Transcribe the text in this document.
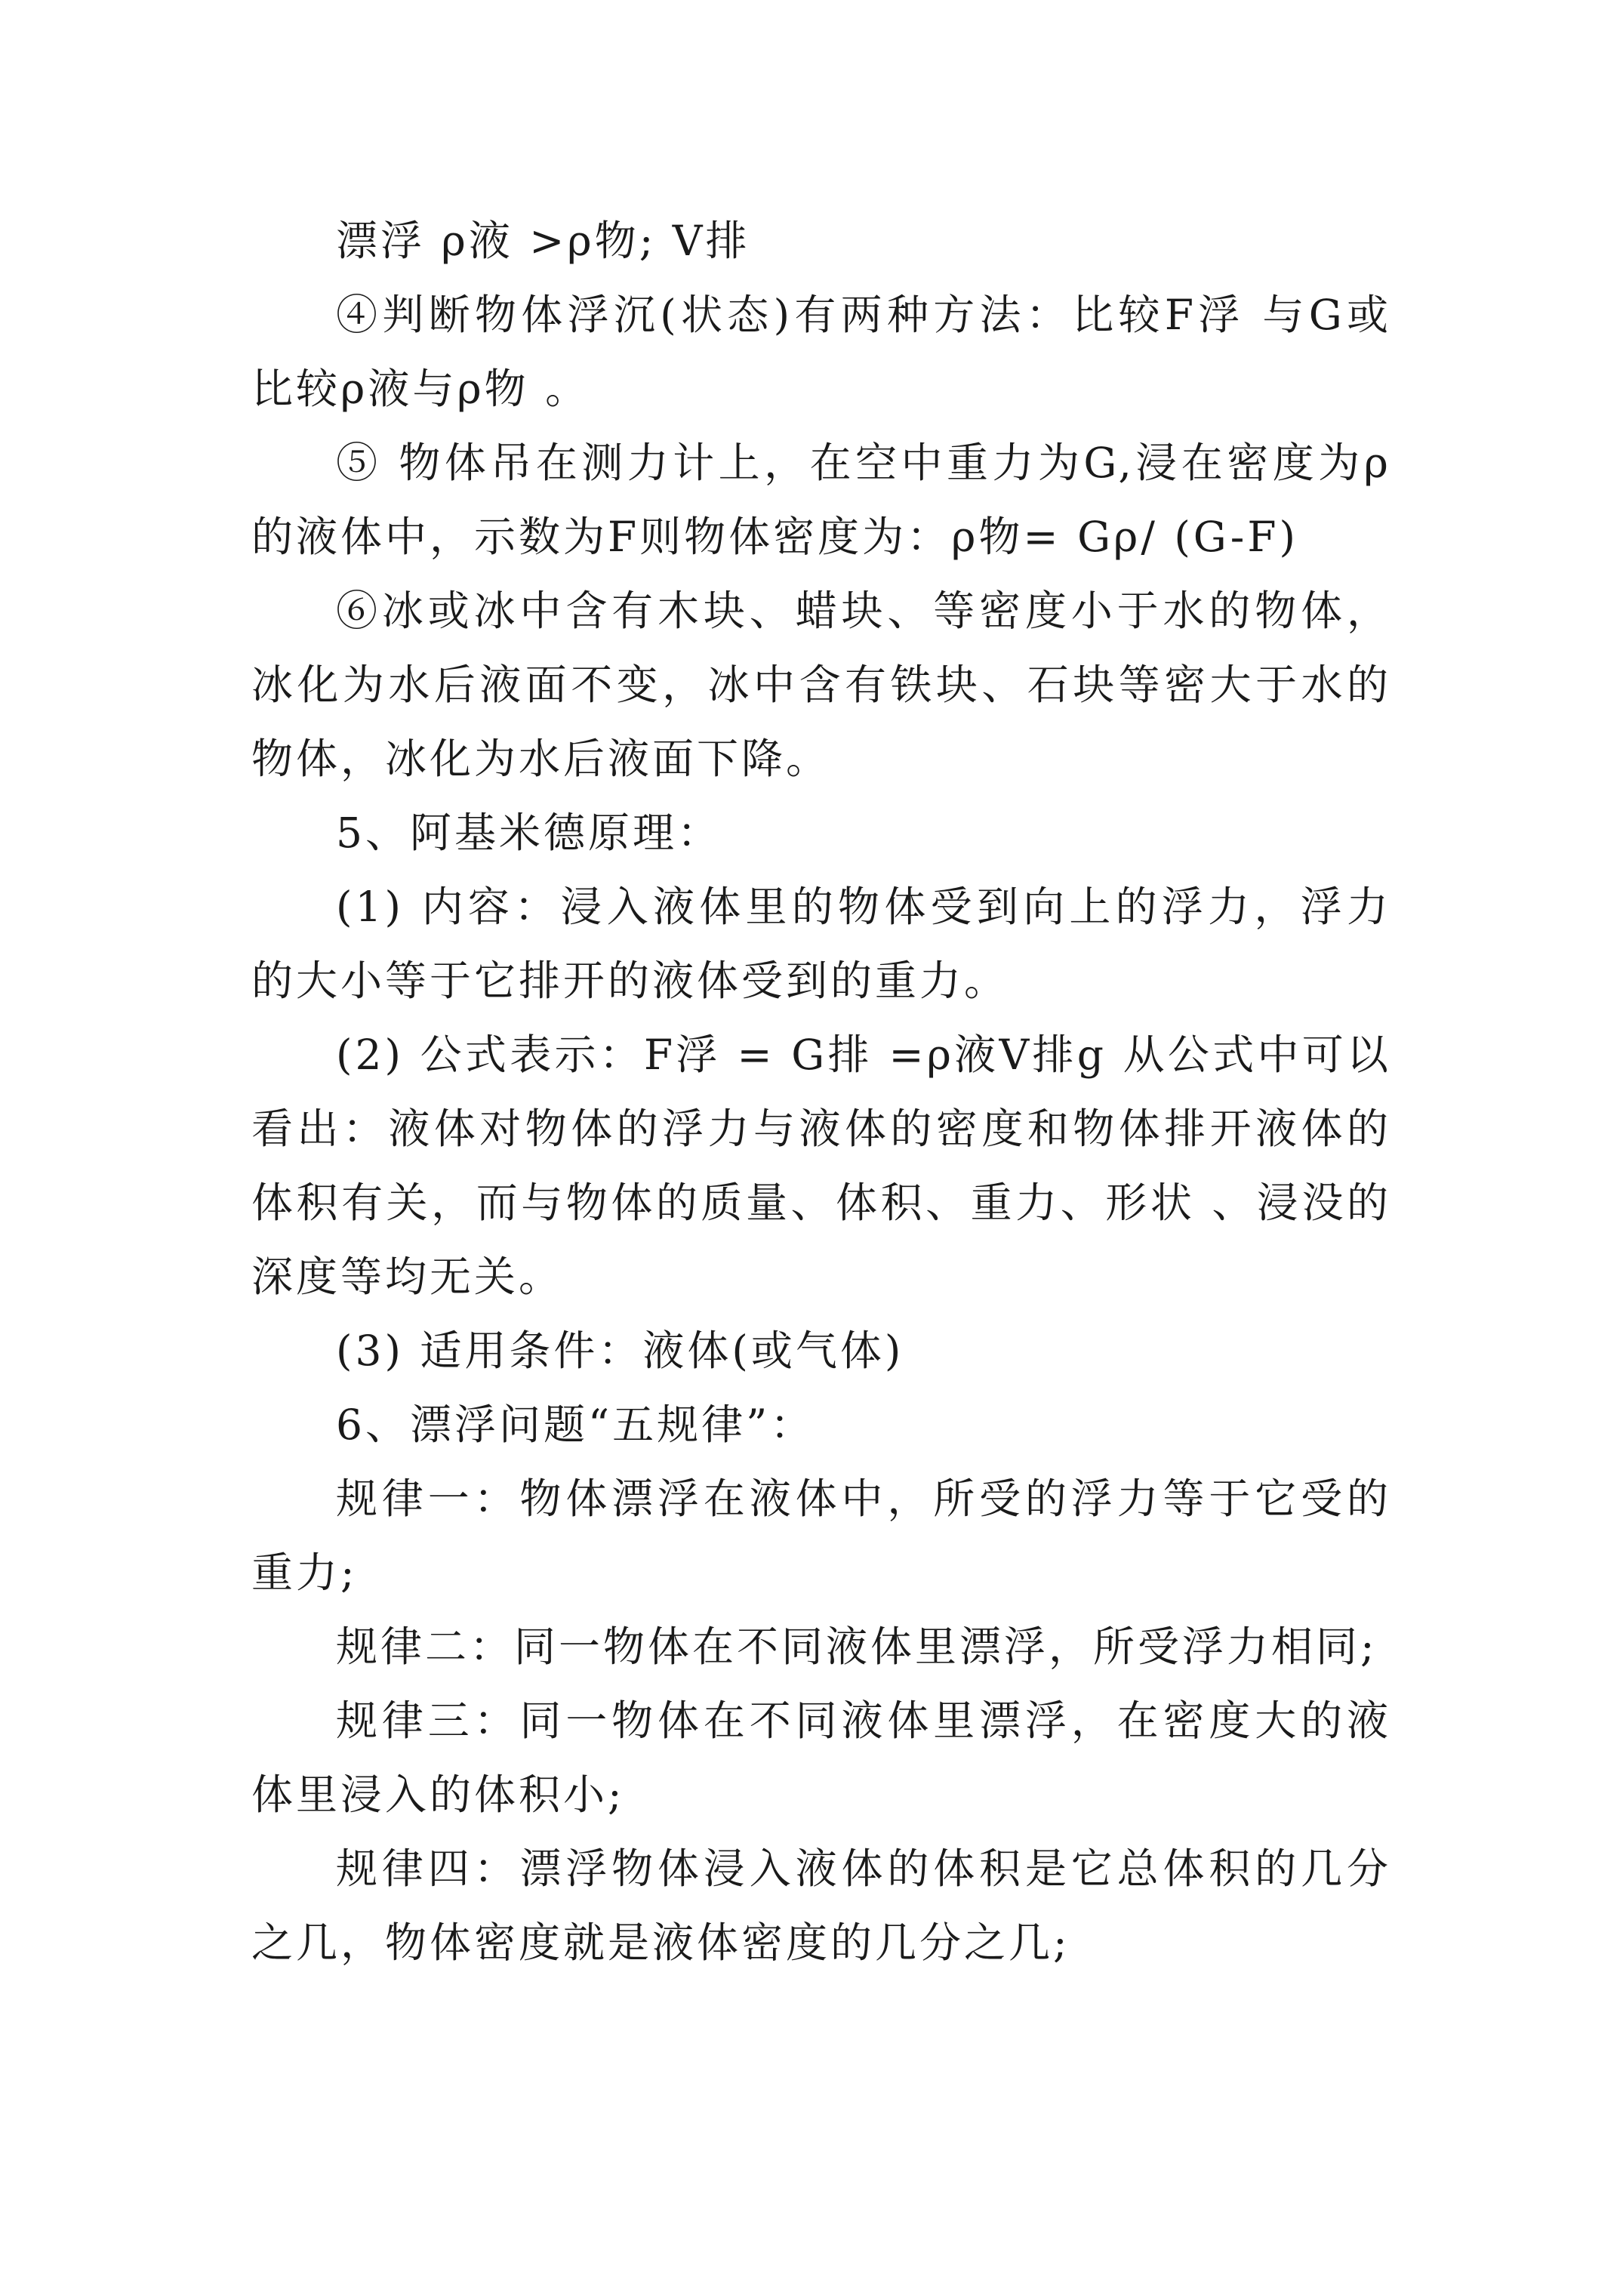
漂浮 ρ液 >ρ物; V排

④判断物体浮沉(状态)有两种方法：比较F浮 与G或比较ρ液与ρ物 。

⑤ 物体吊在测力计上，在空中重力为G,浸在密度为ρ的液体中，示数为F则物体密度为：ρ物= Gρ/ (G-F)

⑥冰或冰中含有木块、蜡块、等密度小于水的物体，冰化为水后液面不变，冰中含有铁块、石块等密大于水的物体，冰化为水后液面下降。

5、阿基米德原理：

(1) 内容：浸入液体里的物体受到向上的浮力，浮力的大小等于它排开的液体受到的重力。

(2) 公式表示：F浮 = G排 =ρ液V排g 从公式中可以看出：液体对物体的浮力与液体的密度和物体排开液体的体积有关，而与物体的质量、体积、重力、形状 、浸没的深度等均无关。

(3) 适用条件：液体(或气体)

6、漂浮问题“五规律”：

规律一：物体漂浮在液体中，所受的浮力等于它受的重力;

规律二：同一物体在不同液体里漂浮，所受浮力相同;

规律三：同一物体在不同液体里漂浮，在密度大的液体里浸入的体积小;

规律四：漂浮物体浸入液体的体积是它总体积的几分之几，物体密度就是液体密度的几分之几;
